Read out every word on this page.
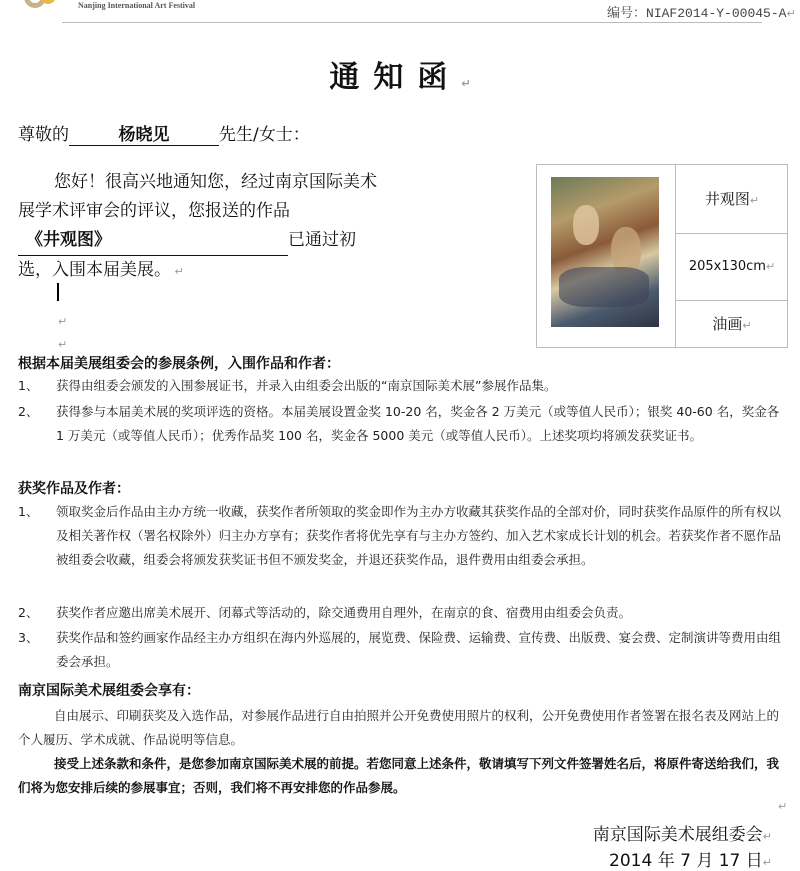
Nanjing International Art Festival
编号：NIAF2014-Y-00045-A↵
通知函↵
尊敬的	杨晓见	先生/女士：
您好！很高兴地通知您，经过南京国际美术展学术评审会的评议，您报送的作品《井观图》	已通过初选，入围本届美展。 ↵
↵
↵
井观图↵
205x130cm↵
油画↵
根据本届美展组委会的参展条例，入围作品和作者：
1、	获得由组委会颁发的入围参展证书，并录入由组委会出版的“南京国际美术展”参展作品集。
2、	获得参与本届美术展的奖项评选的资格。本届美展设置金奖 10-20 名，奖金各 2 万美元（或等值人民币）；银奖 40-60 名，奖金各 1 万美元（或等值人民币）；优秀作品奖 100 名，奖金各 5000 美元（或等值人民币）。上述奖项均将颁发获奖证书。
获奖作品及作者：
1、	领取奖金后作品由主办方统一收藏，获奖作者所领取的奖金即作为主办方收藏其获奖作品的全部对价，同时获奖作品原件的所有权以及相关著作权（署名权除外）归主办方享有；获奖作者将优先享有与主办方签约、加入艺术家成长计划的机会。若获奖作者不愿作品被组委会收藏，组委会将颁发获奖证书但不颁发奖金，并退还获奖作品，退件费用由组委会承担。
2、	获奖作者应邀出席美术展开、闭幕式等活动的，除交通费用自理外，在南京的食、宿费用由组委会负责。
3、	获奖作品和签约画家作品经主办方组织在海内外巡展的，展览费、保险费、运输费、宣传费、出版费、宴会费、定制演讲等费用由组委会承担。
南京国际美术展组委会享有：
自由展示、印刷获奖及入选作品，对参展作品进行自由拍照并公开免费使用照片的权利，公开免费使用作者签署在报名表及网站上的个人履历、学术成就、作品说明等信息。
接受上述条款和条件，是您参加南京国际美术展的前提。若您同意上述条件，敬请填写下列文件签署姓名后，将原件寄送给我们，我们将为您安排后续的参展事宜；否则，我们将不再安排您的作品参展。
↵
南京国际美术展组委会↵
2014 年 7 月 17 日↵
